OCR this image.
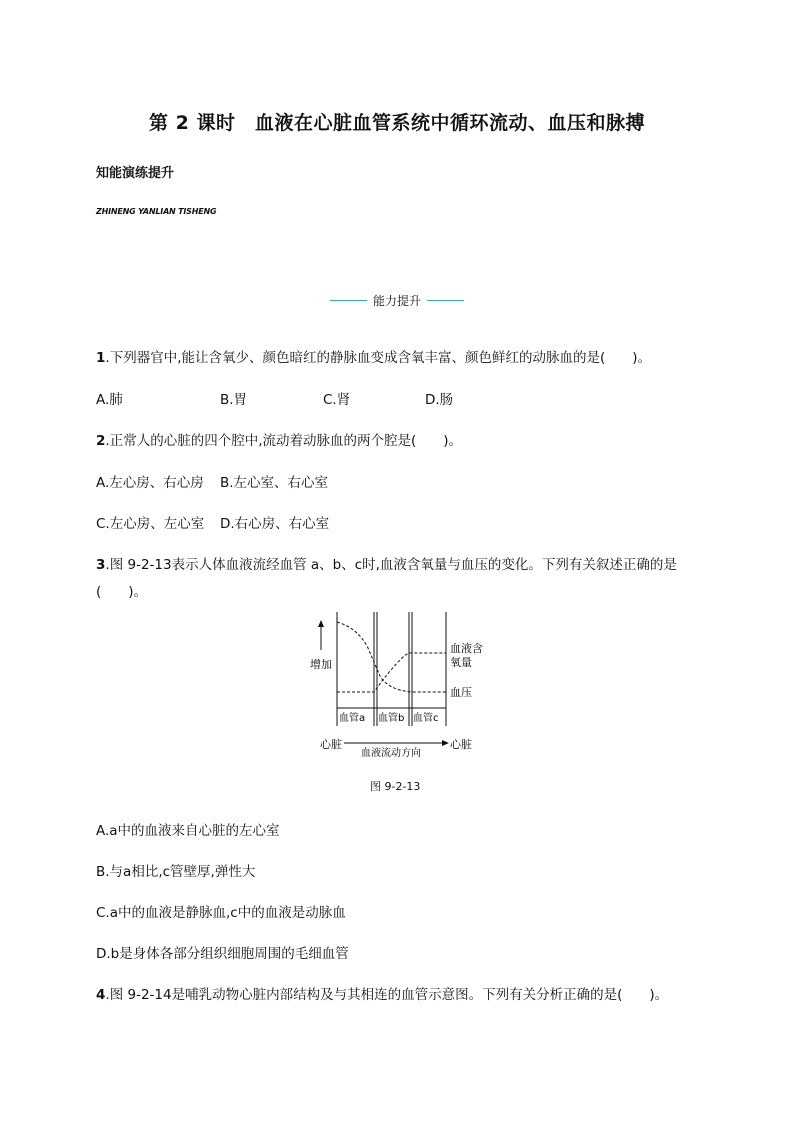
第 2 课时　血液在心脏血管系统中循环流动、血压和脉搏
知能演练提升
ZHINENG YANLIAN TISHENG
能力提升
1.下列器官中,能让含氧少、颜色暗红的静脉血变成含氧丰富、颜色鲜红的动脉血的是(　　)。
A.肺	B.胃	C.肾	D.肠
2.正常人的心脏的四个腔中,流动着动脉血的两个腔是(　　)。
A.左心房、右心房 B.左心室、右心室
C.左心房、左心室 D.右心房、右心室
3.图 9-2-13表示人体血液流经血管 a、b、c时,血液含氧量与血压的变化。下列有关叙述正确的是
(　　)。
增加
血液含
氧量
血压
血管a 血管b 血管c
心脏	心脏
血液流动方向
图 9-2-13
A.a中的血液来自心脏的左心室
B.与a相比,c管壁厚,弹性大
C.a中的血液是静脉血,c中的血液是动脉血
D.b是身体各部分组织细胞周围的毛细血管
4.图 9-2-14是哺乳动物心脏内部结构及与其相连的血管示意图。下列有关分析正确的是(　　)。
